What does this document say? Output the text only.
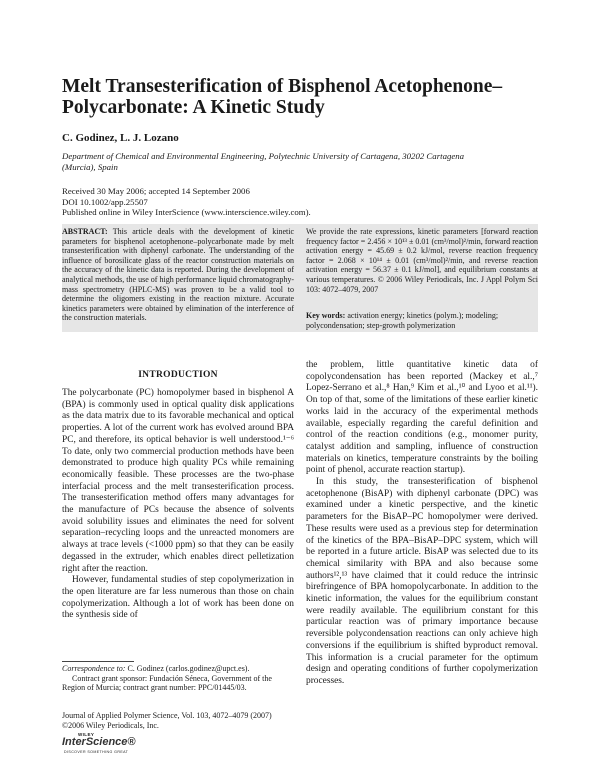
Melt Transesterification of Bisphenol Acetophenone–Polycarbonate: A Kinetic Study
C. Godinez, L. J. Lozano
Department of Chemical and Environmental Engineering, Polytechnic University of Cartagena, 30202 Cartagena (Murcia), Spain
Received 30 May 2006; accepted 14 September 2006
DOI 10.1002/app.25507
Published online in Wiley InterScience (www.interscience.wiley.com).
ABSTRACT: This article deals with the development of kinetic parameters for bisphenol acetophenone–polycarbonate made by melt transesterification with diphenyl carbonate. The understanding of the influence of borosilicate glass of the reactor construction materials on the accuracy of the kinetic data is reported. During the development of analytical methods, the use of high performance liquid chromatography-mass spectrometry (HPLC-MS) was proven to be a valid tool to determine the oligomers existing in the reaction mixture. Accurate kinetics parameters were obtained by elimination of the interference of the construction materials.
We provide the rate expressions, kinetic parameters [forward reaction frequency factor = 2.456 × 10¹³ ± 0.01 (cm³/mol)²/min, forward reaction activation energy = 45.69 ± 0.2 kJ/mol, reverse reaction frequency factor = 2.068 × 10¹⁴ ± 0.01 (cm³/mol)²/min, and reverse reaction activation energy = 56.37 ± 0.1 kJ/mol], and equilibrium constants at various temperatures. © 2006 Wiley Periodicals, Inc. J Appl Polym Sci 103: 4072–4079, 2007
Key words: activation energy; kinetics (polym.); modeling; polycondensation; step-growth polymerization
INTRODUCTION

The polycarbonate (PC) homopolymer based in bisphenol A (BPA) is commonly used in optical quality disk applications as the data matrix due to its favorable mechanical and optical properties. A lot of the current work has evolved around BPA PC, and therefore, its optical behavior is well understood.¹⁻⁶ To date, only two commercial production methods have been demonstrated to produce high quality PCs while remaining economically feasible. These processes are the two-phase interfacial process and the melt transesterification process. The transesterification method offers many advantages for the manufacture of PCs because the absence of solvents avoid solubility issues and eliminates the need for solvent separation–recycling loops and the unreacted monomers are always at trace levels (<1000 ppm) so that they can be easily degassed in the extruder, which enables direct pelletization right after the reaction.

However, fundamental studies of step copolymerization in the open literature are far less numerous than those on chain copolymerization. Although a lot of work has been done on the synthesis side of

the problem, little quantitative kinetic data of copolycondensation has been reported (Mackey et al.,⁷ Lopez-Serrano et al.,⁸ Han,⁹ Kim et al.,¹⁰ and Lyoo et al.¹¹). On top of that, some of the limitations of these earlier kinetic works laid in the accuracy of the experimental methods available, especially regarding the careful definition and control of the reaction conditions (e.g., monomer purity, catalyst addition and sampling, influence of construction materials on kinetics, temperature constraints by the boiling point of phenol, accurate reaction startup).

In this study, the transesterification of bisphenol acetophenone (BisAP) with diphenyl carbonate (DPC) was examined under a kinetic perspective, and the kinetic parameters for the BisAP–PC homopolymer were derived. These results were used as a previous step for determination of the kinetics of the BPA–BisAP–DPC system, which will be reported in a future article. BisAP was selected due to its chemical similarity with BPA and also because some authors¹²,¹³ have claimed that it could reduce the intrinsic birefringence of BPA homopolycarbonate. In addition to the kinetic information, the values for the equilibrium constant were readily available. The equilibrium constant for this particular reaction was of primary importance because reversible polycondensation reactions can only achieve high conversions if the equilibrium is shifted byproduct removal. This information is a crucial parameter for the optimum design and operating conditions of further copolymerization processes.

Correspondence to: C. Godinez (carlos.godinez@upct.es).
Contract grant sponsor: Fundación Séneca, Government of the Region of Murcia; contract grant number: PPC/01445/03.
Journal of Applied Polymer Science, Vol. 103, 4072–4079 (2007)
©2006 Wiley Periodicals, Inc.
WILEY
InterScience®
DISCOVER SOMETHING GREAT
